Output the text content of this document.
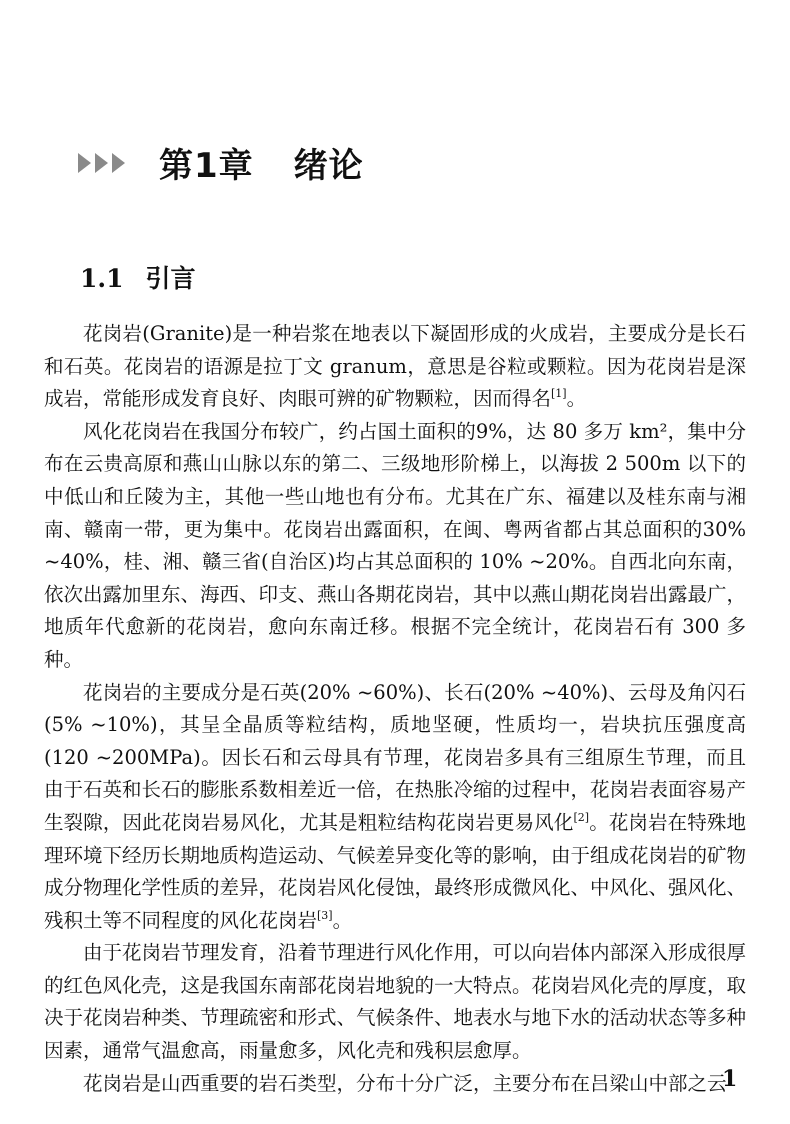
第1章 绪论
1.1 引言

花岗岩(Granite)是一种岩浆在地表以下凝固形成的火成岩，主要成分是长石和石英。花岗岩的语源是拉丁文 granum，意思是谷粒或颗粒。因为花岗岩是深成岩，常能形成发育良好、肉眼可辨的矿物颗粒，因而得名[1]。

风化花岗岩在我国分布较广，约占国土面积的9%，达 80 多万 km²，集中分布在云贵高原和燕山山脉以东的第二、三级地形阶梯上，以海拔 2 500m 以下的中低山和丘陵为主，其他一些山地也有分布。尤其在广东、福建以及桂东南与湘南、赣南一带，更为集中。花岗岩出露面积，在闽、粤两省都占其总面积的30% ~40%，桂、湘、赣三省(自治区)均占其总面积的 10% ~20%。自西北向东南，依次出露加里东、海西、印支、燕山各期花岗岩，其中以燕山期花岗岩出露最广，地质年代愈新的花岗岩，愈向东南迁移。根据不完全统计，花岗岩石有 300 多种。

花岗岩的主要成分是石英(20% ~60%)、长石(20% ~40%)、云母及角闪石(5% ~10%)，其呈全晶质等粒结构，质地坚硬，性质均一，岩块抗压强度高(120 ~200MPa)。因长石和云母具有节理，花岗岩多具有三组原生节理，而且由于石英和长石的膨胀系数相差近一倍，在热胀冷缩的过程中，花岗岩表面容易产生裂隙，因此花岗岩易风化，尤其是粗粒结构花岗岩更易风化[2]。花岗岩在特殊地理环境下经历长期地质构造运动、气候差异变化等的影响，由于组成花岗岩的矿物成分物理化学性质的差异，花岗岩风化侵蚀，最终形成微风化、中风化、强风化、残积土等不同程度的风化花岗岩[3]。

由于花岗岩节理发育，沿着节理进行风化作用，可以向岩体内部深入形成很厚的红色风化壳，这是我国东南部花岗岩地貌的一大特点。花岗岩风化壳的厚度，取决于花岗岩种类、节理疏密和形式、气候条件、地表水与地下水的活动状态等多种因素，通常气温愈高，雨量愈多，风化壳和残积层愈厚。

花岗岩是山西重要的岩石类型，分布十分广泛，主要分布在吕梁山中部之云

1
